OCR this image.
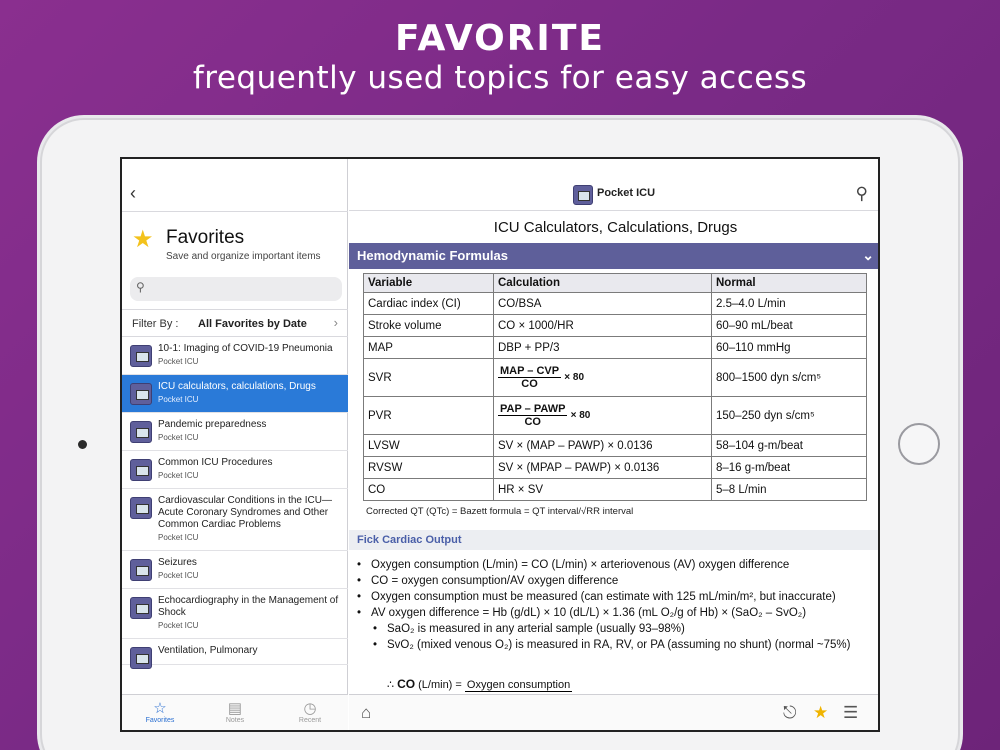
FAVORITE
frequently used topics for easy access
‹
★ Favorites
Save and organize important items
⚲
Filter By : All Favorites by Date ›
10-1: Imaging of COVID-19 Pneumonia
Pocket ICU
ICU calculators, calculations, Drugs
Pocket ICU
Pandemic preparedness
Pocket ICU
Common ICU Procedures
Pocket ICU
Cardiovascular Conditions in the ICU—Acute Coronary Syndromes and Other Common Cardiac Problems
Pocket ICU
Seizures
Pocket ICU
Echocardiography in the Management of Shock
Pocket ICU
Ventilation, Pulmonary
☆
Favorites
▤
Notes
◷
Recent
Pocket ICU	⚲
ICU Calculators, Calculations, Drugs
Hemodynamic Formulas	⌄
Variable	Calculation	Normal
Cardiac index (CI)	CO/BSA	2.5–4.0 L/min
Stroke volume	CO × 1000/HR	60–90 mL/beat
MAP	DBP + PP/3	60–110 mmHg
SVR	$\frac{\text{MAP – CVP}}{CO} \times 80$	800–1500 dyn s/cm⁵
PVR	$\frac{\text{PAP – PAWP}}{CO} \times 80$	150–250 dyn s/cm⁵
LVSW	SV × (MAP – PAWP) × 0.0136	58–104 g-m/beat
RVSW	SV × (MPAP – PAWP) × 0.0136	8–16 g-m/beat
CO	HR × SV	5–8 L/min
Corrected QT (QTc) = Bazett formula = QT interval/√RR interval
Fick Cardiac Output
• Oxygen consumption (L/min) = CO (L/min) × arteriovenous (AV) oxygen difference
• CO = oxygen consumption/AV oxygen difference
• Oxygen consumption must be measured (can estimate with 125 mL/min/m², but inaccurate)
• AV oxygen difference = Hb (g/dL) × 10 (dL/L) × 1.36 (mL O₂/g of Hb) × (SaO₂ – SvO₂)
• SaO₂ is measured in any arterial sample (usually 93–98%)
• SvO₂ (mixed venous O₂) is measured in RA, RV, or PA (assuming no shunt) (normal ~75%)
∴ CO (L/min) = Oxygen consumption
⌂	⎋ ★ ☰
